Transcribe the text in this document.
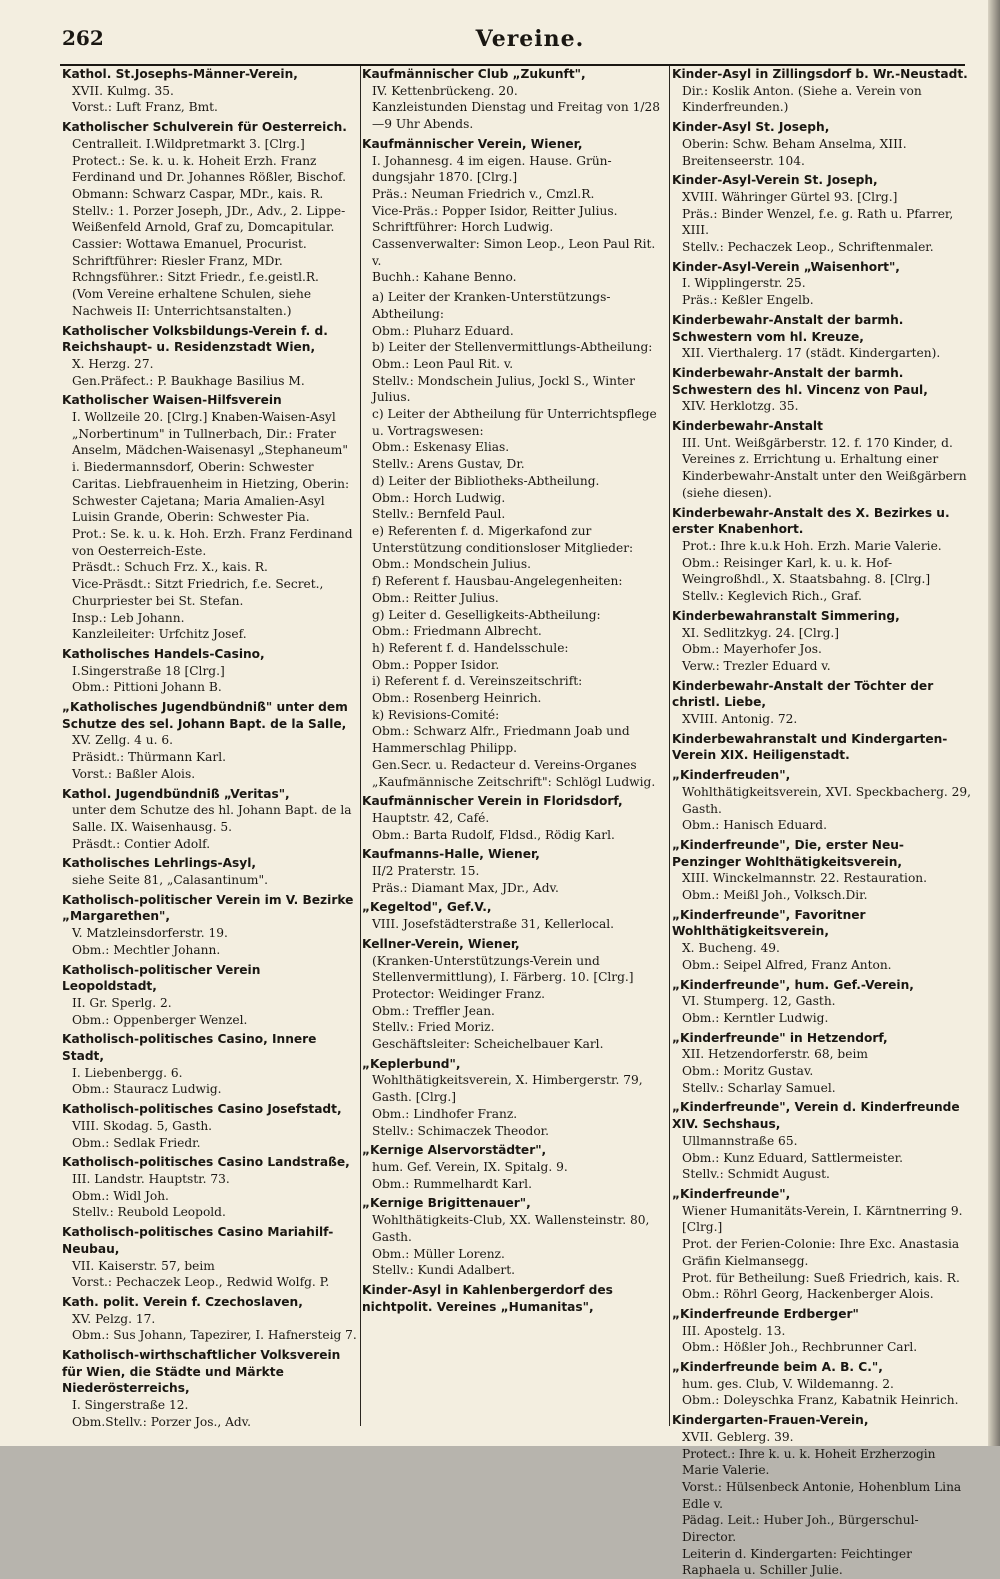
262	Vereine.
Kathol. St.Josephs-Männer-Verein,
XVII. Kulmg. 35.
Vorst.: Luft Franz, Bmt.
Katholischer Schulverein für Oesterreich.
Centralleit. I.Wildpretmarkt 3. [Clrg.]
Protect.: Se. k. u. k. Hoheit Erzh. Franz Ferdinand und Dr. Johannes Rößler, Bischof.
Obmann: Schwarz Caspar, MDr., kais. R.
Stellv.: 1. Porzer Joseph, JDr., Adv., 2. Lippe-Weißenfeld Arnold, Graf zu, Domcapitular.
Cassier: Wottawa Emanuel, Procurist.
Schriftführer: Riesler Franz, MDr.
Rchngsführer.: Sitzt Friedr., f.e.geistl.R.
(Vom Vereine erhaltene Schulen, siehe Nachweis II: Unterrichtsanstalten.)
Katholischer Volksbildungs-Verein f. d. Reichshaupt- u. Residenzstadt Wien,
X. Herzg. 27.
Gen.Präfect.: P. Baukhage Basilius M.
Katholischer Waisen-Hilfsverein
I. Wollzeile 20. [Clrg.] Knaben-Waisen-Asyl „Norbertinum" in Tullnerbach, Dir.: Frater Anselm, Mädchen-Waisenasyl „Stephaneum" i. Biedermannsdorf, Oberin: Schwester Caritas. Liebfrauenheim in Hietzing, Oberin: Schwester Cajetana; Maria Amalien-Asyl Luisin Grande, Oberin: Schwester Pia.
Prot.: Se. k. u. k. Hoh. Erzh. Franz Ferdinand von Oesterreich-Este.
Präsdt.: Schuch Frz. X., kais. R.
Vice-Präsdt.: Sitzt Friedrich, f.e. Secret., Churpriester bei St. Stefan.
Insp.: Leb Johann.
Kanzleileiter: Urfchitz Josef.
Katholisches Handels-Casino,
I.Singerstraße 18 [Clrg.]
Obm.: Pittioni Johann B.
„Katholisches Jugendbündniß" unter dem Schutze des sel. Johann Bapt. de la Salle,
XV. Zellg. 4 u. 6.
Präsidt.: Thürmann Karl.
Vorst.: Baßler Alois.
Kathol. Jugendbündniß „Veritas",
unter dem Schutze des hl. Johann Bapt. de la Salle. IX. Waisenhausg. 5.
Präsdt.: Contier Adolf.
Katholisches Lehrlings-Asyl,
siehe Seite 81, „Calasantinum".
Katholisch-politischer Verein im V. Bezirke „Margarethen",
V. Matzleinsdorferstr. 19.
Obm.: Mechtler Johann.
Katholisch-politischer Verein Leopoldstadt,
II. Gr. Sperlg. 2.
Obm.: Oppenberger Wenzel.
Katholisch-politisches Casino, Innere Stadt,
I. Liebenbergg. 6.
Obm.: Stauracz Ludwig.
Katholisch-politisches Casino Josefstadt,
VIII. Skodag. 5, Gasth.
Obm.: Sedlak Friedr.
Katholisch-politisches Casino Landstraße,
III. Landstr. Hauptstr. 73.
Obm.: Widl Joh.
Stellv.: Reubold Leopold.
Katholisch-politisches Casino Mariahilf-Neubau,
VII. Kaiserstr. 57, beim
Vorst.: Pechaczek Leop., Redwid Wolfg. P.
Kath. polit. Verein f. Czechoslaven,
XV. Pelzg. 17.
Obm.: Sus Johann, Tapezirer, I. Hafnersteig 7.
Katholisch-wirthschaftlicher Volksverein für Wien, die Städte und Märkte Niederösterreichs,
I. Singerstraße 12.
Obm.Stellv.: Porzer Jos., Adv.
Kaufmännischer Club „Zukunft",
IV. Kettenbrückeng. 20.
Kanzleistunden Dienstag und Freitag von 1/28—9 Uhr Abends.
Kaufmännischer Verein, Wiener,
I. Johannesg. 4 im eigen. Hause. Grün-dungsjahr 1870. [Clrg.]
Präs.: Neuman Friedrich v., Cmzl.R.
Vice-Präs.: Popper Isidor, Reitter Julius.
Schriftführer: Horch Ludwig.
Cassenverwalter: Simon Leop., Leon Paul Rit. v.
Buchh.: Kahane Benno.
a) Leiter der Kranken-Unterstützungs-Abtheilung:
Obm.: Pluharz Eduard.
b) Leiter der Stellenvermittlungs-Abtheilung:
Obm.: Leon Paul Rit. v.
Stellv.: Mondschein Julius, Jockl S., Winter Julius.
c) Leiter der Abtheilung für Unterrichtspflege u. Vortragswesen:
Obm.: Eskenasy Elias.
Stellv.: Arens Gustav, Dr.
d) Leiter der Bibliotheks-Abtheilung.
Obm.: Horch Ludwig.
Stellv.: Bernfeld Paul.
e) Referenten f. d. Migerkafond zur Unterstützung conditionsloser Mitglieder:
Obm.: Mondschein Julius.
f) Referent f. Hausbau-Angelegenheiten:
Obm.: Reitter Julius.
g) Leiter d. Geselligkeits-Abtheilung:
Obm.: Friedmann Albrecht.
h) Referent f. d. Handelsschule:
Obm.: Popper Isidor.
i) Referent f. d. Vereinszeitschrift:
Obm.: Rosenberg Heinrich.
k) Revisions-Comité:
Obm.: Schwarz Alfr., Friedmann Joab und Hammerschlag Philipp.
Gen.Secr. u. Redacteur d. Vereins-Organes „Kaufmännische Zeitschrift": Schlögl Ludwig.
Kaufmännischer Verein in Floridsdorf,
Hauptstr. 42, Café.
Obm.: Barta Rudolf, Fldsd., Rödig Karl.
Kaufmanns-Halle, Wiener,
II/2 Praterstr. 15.
Präs.: Diamant Max, JDr., Adv.
„Kegeltod", Gef.V.,
VIII. Josefstädterstraße 31, Kellerlocal.
Kellner-Verein, Wiener,
(Kranken-Unterstützungs-Verein und Stellenvermittlung), I. Färberg. 10. [Clrg.]
Protector: Weidinger Franz.
Obm.: Treffler Jean.
Stellv.: Fried Moriz.
Geschäftsleiter: Scheichelbauer Karl.
„Keplerbund",
Wohlthätigkeitsverein, X. Himbergerstr. 79, Gasth. [Clrg.]
Obm.: Lindhofer Franz.
Stellv.: Schimaczek Theodor.
„Kernige Alservorstädter",
hum. Gef. Verein, IX. Spitalg. 9.
Obm.: Rummelhardt Karl.
„Kernige Brigittenauer",
Wohlthätigkeits-Club, XX. Wallensteinstr. 80, Gasth.
Obm.: Müller Lorenz.
Stellv.: Kundi Adalbert.
Kinder-Asyl in Kahlenbergerdorf des nichtpolit. Vereines „Humanitas",
Kinder-Asyl in Zillingsdorf b. Wr.-Neustadt.
Dir.: Koslik Anton. (Siehe a. Verein von Kinderfreunden.)
Kinder-Asyl St. Joseph,
Oberin: Schw. Beham Anselma, XIII. Breitenseerstr. 104.
Kinder-Asyl-Verein St. Joseph,
XVIII. Währinger Gürtel 93. [Clrg.]
Präs.: Binder Wenzel, f.e. g. Rath u. Pfarrer, XIII.
Stellv.: Pechaczek Leop., Schriftenmaler.
Kinder-Asyl-Verein „Waisenhort",
I. Wipplingerstr. 25.
Präs.: Keßler Engelb.
Kinderbewahr-Anstalt der barmh. Schwestern vom hl. Kreuze,
XII. Vierthalerg. 17 (städt. Kindergarten).
Kinderbewahr-Anstalt der barmh. Schwestern des hl. Vincenz von Paul,
XIV. Herklotzg. 35.
Kinderbewahr-Anstalt
III. Unt. Weißgärberstr. 12. f. 170 Kinder, d. Vereines z. Errichtung u. Erhaltung einer Kinderbewahr-Anstalt unter den Weißgärbern (siehe diesen).
Kinderbewahr-Anstalt des X. Bezirkes u. erster Knabenhort.
Prot.: Ihre k.u.k Hoh. Erzh. Marie Valerie.
Obm.: Reisinger Karl, k. u. k. Hof-Weingroßhdl., X. Staatsbahng. 8. [Clrg.]
Stellv.: Keglevich Rich., Graf.
Kinderbewahranstalt Simmering,
XI. Sedlitzkyg. 24. [Clrg.]
Obm.: Mayerhofer Jos.
Verw.: Trezler Eduard v.
Kinderbewahr-Anstalt der Töchter der christl. Liebe,
XVIII. Antonig. 72.
Kinderbewahranstalt und Kindergarten-Verein XIX. Heiligenstadt.
„Kinderfreuden",
Wohlthätigkeitsverein, XVI. Speckbacherg. 29, Gasth.
Obm.: Hanisch Eduard.
„Kinderfreunde", Die, erster Neu-Penzinger Wohlthätigkeitsverein,
XIII. Winckelmannstr. 22. Restauration.
Obm.: Meißl Joh., Volksch.Dir.
„Kinderfreunde", Favoritner Wohlthätigkeitsverein,
X. Bucheng. 49.
Obm.: Seipel Alfred, Franz Anton.
„Kinderfreunde", hum. Gef.-Verein,
VI. Stumperg. 12, Gasth.
Obm.: Kerntler Ludwig.
„Kinderfreunde" in Hetzendorf,
XII. Hetzendorferstr. 68, beim
Obm.: Moritz Gustav.
Stellv.: Scharlay Samuel.
„Kinderfreunde", Verein d. Kinderfreunde XIV. Sechshaus,
Ullmannstraße 65.
Obm.: Kunz Eduard, Sattlermeister.
Stellv.: Schmidt August.
„Kinderfreunde",
Wiener Humanitäts-Verein, I. Kärntnerring 9. [Clrg.]
Prot. der Ferien-Colonie: Ihre Exc. Anastasia Gräfin Kielmansegg.
Prot. für Betheilung: Sueß Friedrich, kais. R.
Obm.: Röhrl Georg, Hackenberger Alois.
„Kinderfreunde Erdberger"
III. Apostelg. 13.
Obm.: Hößler Joh., Rechbrunner Carl.
„Kinderfreunde beim A. B. C.",
hum. ges. Club, V. Wildemanng. 2.
Obm.: Doleyschka Franz, Kabatnik Heinrich.
Kindergarten-Frauen-Verein,
XVII. Geblerg. 39.
Protect.: Ihre k. u. k. Hoheit Erzherzogin Marie Valerie.
Vorst.: Hülsenbeck Antonie, Hohenblum Lina Edle v.
Pädag. Leit.: Huber Joh., Bürgerschul-Director.
Leiterin d. Kindergarten: Feichtinger Raphaela u. Schiller Julie.
